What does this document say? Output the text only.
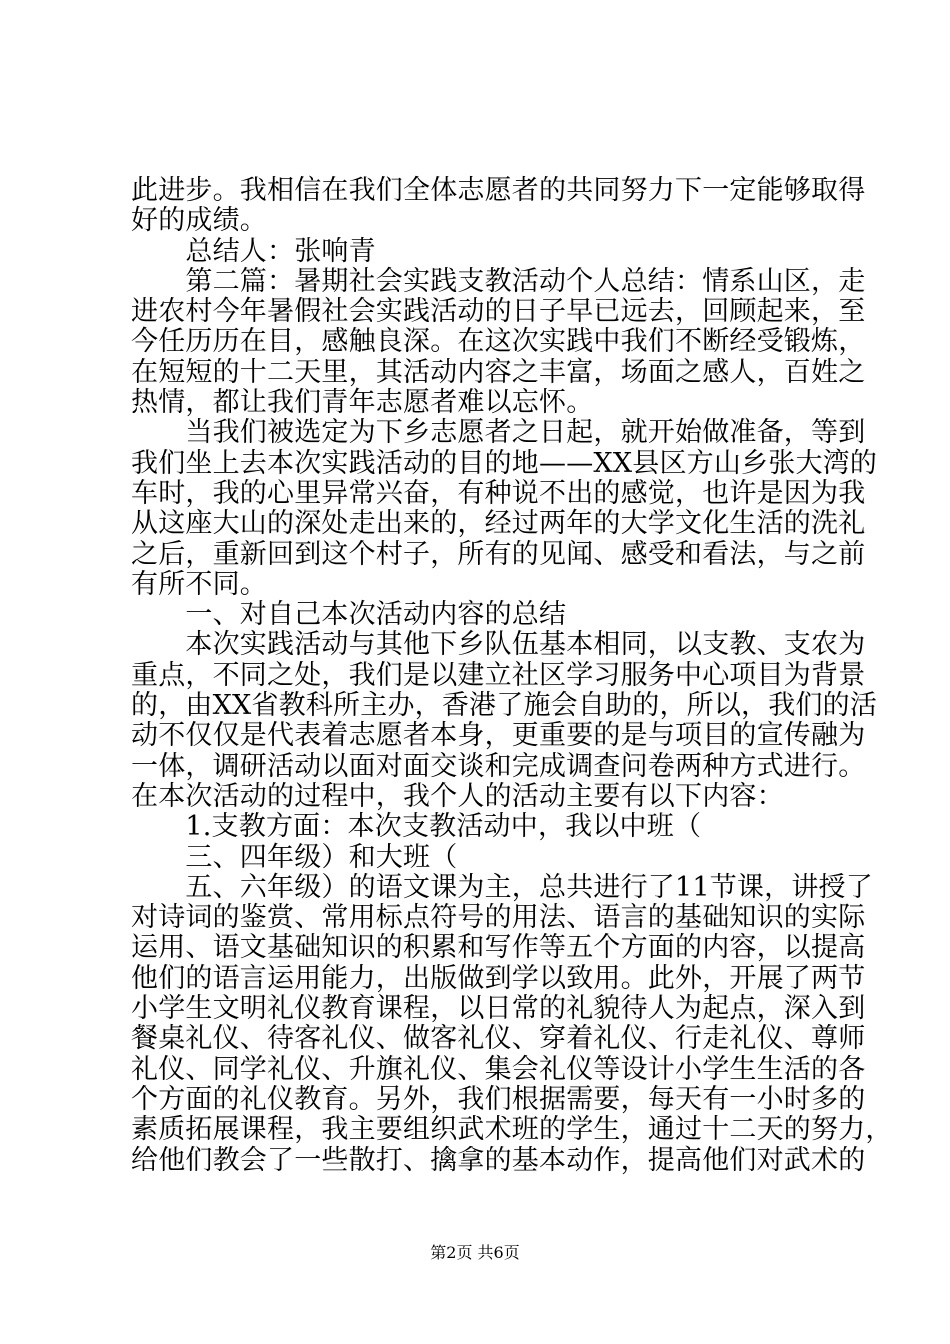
此进步。我相信在我们全体志愿者的共同努力下一定能够取得
好的成绩。
　　总结人：张响青
　　第二篇：暑期社会实践支教活动个人总结：情系山区，走
进农村今年暑假社会实践活动的日子早已远去，回顾起来，至
今任历历在目，感触良深。在这次实践中我们不断经受锻炼，
在短短的十二天里，其活动内容之丰富，场面之感人，百姓之
热情，都让我们青年志愿者难以忘怀。
　　当我们被选定为下乡志愿者之日起，就开始做准备，等到
我们坐上去本次实践活动的目的地——XX县区方山乡张大湾的
车时，我的心里异常兴奋，有种说不出的感觉，也许是因为我
从这座大山的深处走出来的，经过两年的大学文化生活的洗礼
之后，重新回到这个村子，所有的见闻、感受和看法，与之前
有所不同。
　　一、对自己本次活动内容的总结
　　本次实践活动与其他下乡队伍基本相同，以支教、支农为
重点，不同之处，我们是以建立社区学习服务中心项目为背景
的，由XX省教科所主办，香港了施会自助的，所以，我们的活
动不仅仅是代表着志愿者本身，更重要的是与项目的宣传融为
一体，调研活动以面对面交谈和完成调查问卷两种方式进行。
在本次活动的过程中，我个人的活动主要有以下内容：
　　1.支教方面：本次支教活动中，我以中班（
　　三、四年级）和大班（
　　五、六年级）的语文课为主，总共进行了11节课，讲授了
对诗词的鉴赏、常用标点符号的用法、语言的基础知识的实际
运用、语文基础知识的积累和写作等五个方面的内容，以提高
他们的语言运用能力，出版做到学以致用。此外，开展了两节
小学生文明礼仪教育课程，以日常的礼貌待人为起点，深入到
餐桌礼仪、待客礼仪、做客礼仪、穿着礼仪、行走礼仪、尊师
礼仪、同学礼仪、升旗礼仪、集会礼仪等设计小学生生活的各
个方面的礼仪教育。另外，我们根据需要，每天有一小时多的
素质拓展课程，我主要组织武术班的学生，通过十二天的努力，
给他们教会了一些散打、擒拿的基本动作，提高他们对武术的
第2页 共6页
